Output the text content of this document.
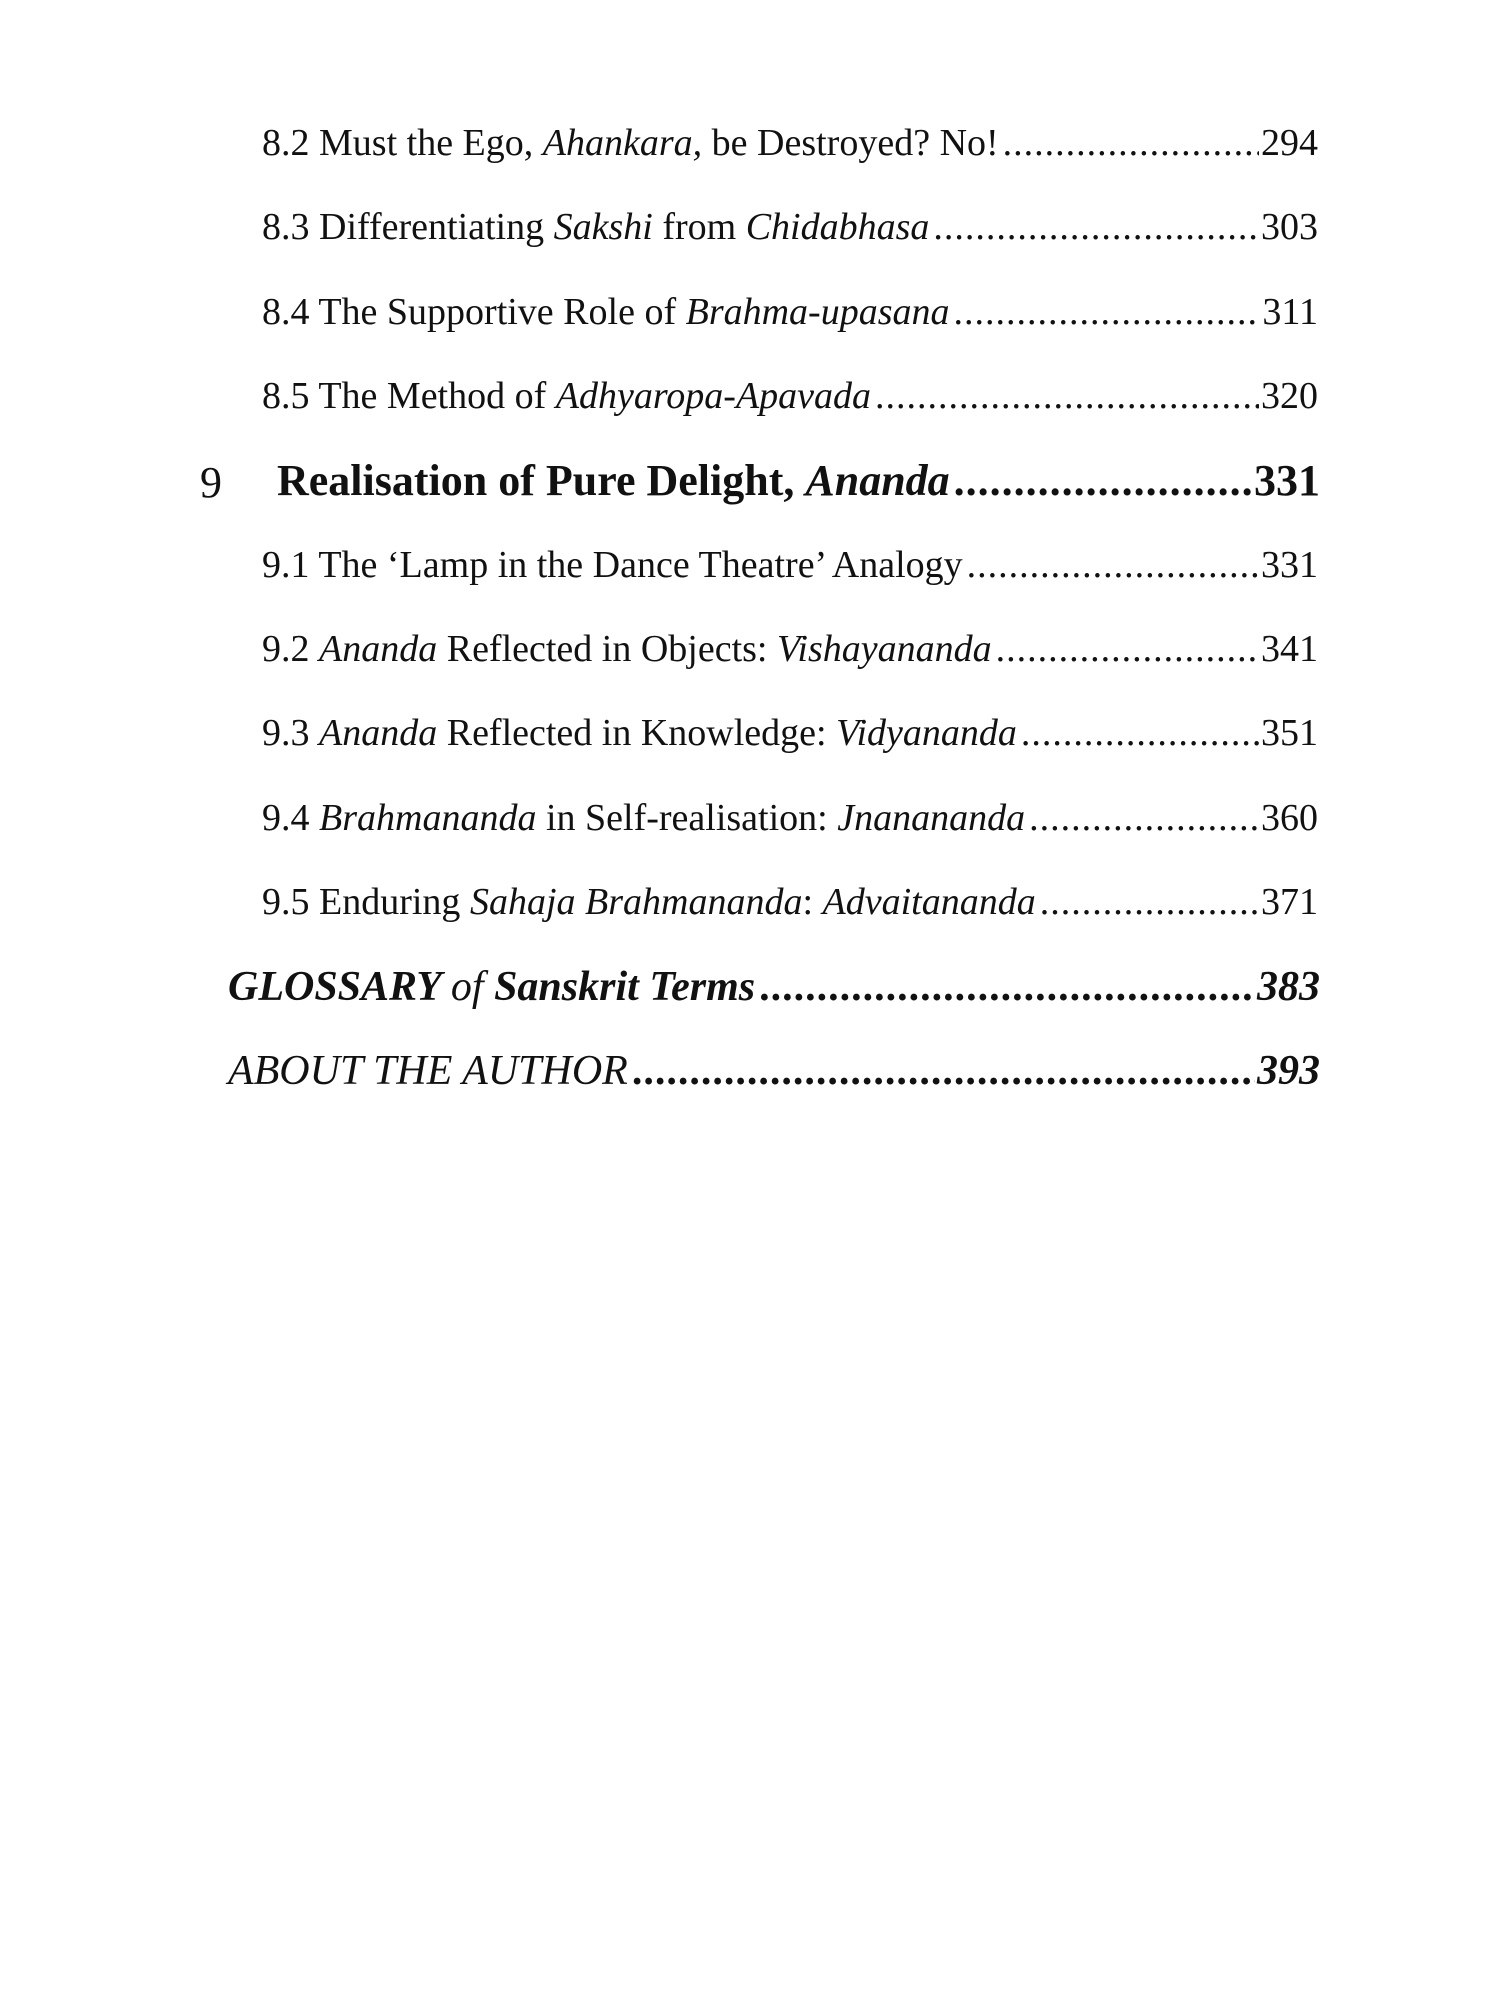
8.2 Must the Ego, Ahankara, be Destroyed? No! .....	294
8.3 Differentiating Sakshi from Chidabhasa .....	303
8.4 The Supportive Role of Brahma-upasana .....	311
8.5 The Method of Adhyaropa-Apavada .....	320
9 Realisation of Pure Delight, Ananda .....	331
9.1 The ‘Lamp in the Dance Theatre’ Analogy .....	331
9.2 Ananda Reflected in Objects: Vishayananda .....	341
9.3 Ananda Reflected in Knowledge: Vidyananda .....	351
9.4 Brahmananda in Self-realisation: Jnanananda .....	360
9.5 Enduring Sahaja Brahmananda: Advaitananda .....	371
GLOSSARY of Sanskrit Terms .....	383
ABOUT THE AUTHOR .....	393
